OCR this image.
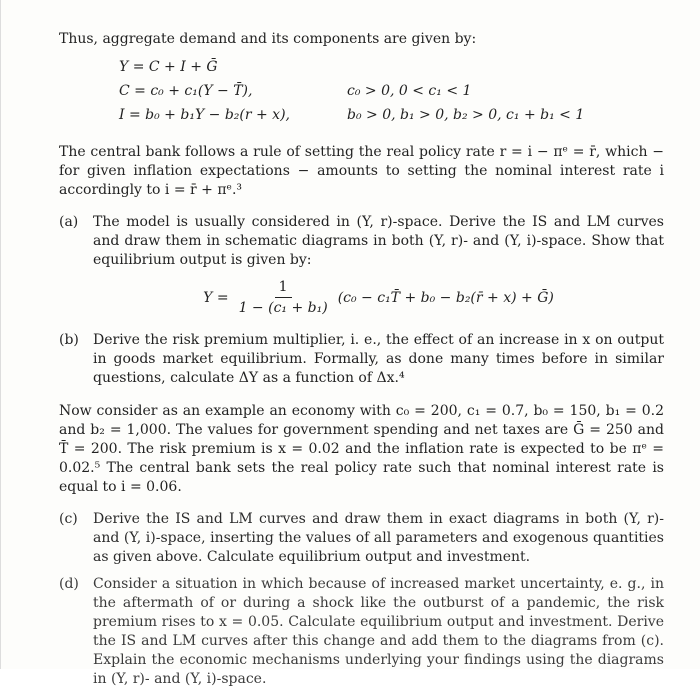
Thus, aggregate demand and its components are given by:

Y = C + I + Ḡ
C = c₀ + c₁(Y − T̄),
I = b₀ + b₁Y − b₂(r + x),
c₀ > 0, 0 < c₁ < 1
b₀ > 0, b₁ > 0, b₂ > 0, c₁ + b₁ < 1

The central bank follows a rule of setting the real policy rate r = i − πᵉ = r̄, which − for given inflation expectations − amounts to setting the nominal interest rate i accordingly to i = r̄ + πᵉ.³

(a) The model is usually considered in (Y, r)-space. Derive the IS and LM curves and draw them in schematic diagrams in both (Y, r)- and (Y, i)-space. Show that equilibrium output is given by:
$Y = \frac{1}{\text{1 − (c₁ + b₁)}} (c_0$ − c₁T̄ + b₀ − b₂(r̄ + x) + Ḡ)
(b) Derive the risk premium multiplier, i. e., the effect of an increase in x on output in goods market equilibrium. Formally, as done many times before in similar questions, calculate ΔY as a function of Δx.⁴

Now consider as an example an economy with c₀ = 200, c₁ = 0.7, b₀ = 150, b₁ = 0.2 and b₂ = 1,000. The values for government spending and net taxes are Ḡ = 250 and T̄ = 200. The risk premium is x = 0.02 and the inflation rate is expected to be πᵉ = 0.02.⁵ The central bank sets the real policy rate such that nominal interest rate is equal to i = 0.06.

(c) Derive the IS and LM curves and draw them in exact diagrams in both (Y, r)- and (Y, i)-space, inserting the values of all parameters and exogenous quantities as given above. Calculate equilibrium output and investment.
(d) Consider a situation in which because of increased market uncertainty, e. g., in the aftermath of or during a shock like the outburst of a pandemic, the risk premium rises to x = 0.05. Calculate equilibrium output and investment. Derive the IS and LM curves after this change and add them to the diagrams from (c). Explain the economic mechanisms underlying your findings using the diagrams in (Y, r)- and (Y, i)-space.
